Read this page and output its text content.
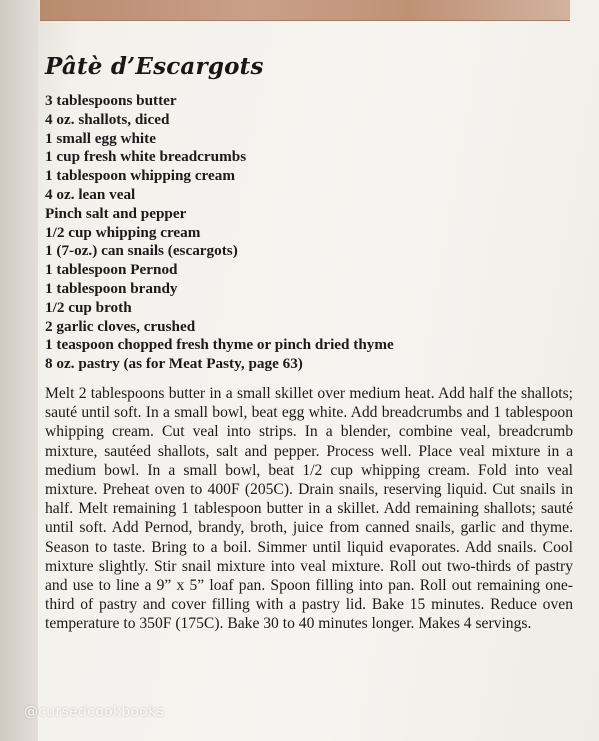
Pâtè d’Escargots
3 tablespoons butter
4 oz. shallots, diced
1 small egg white
1 cup fresh white breadcrumbs
1 tablespoon whipping cream
4 oz. lean veal
Pinch salt and pepper
1/2 cup whipping cream
1 (7-oz.) can snails (escargots)
1 tablespoon Pernod
1 tablespoon brandy
1/2 cup broth
2 garlic cloves, crushed
1 teaspoon chopped fresh thyme or pinch dried thyme
8 oz. pastry (as for Meat Pasty, page 63)

Melt 2 tablespoons butter in a small skillet over medium heat. Add half the shallots; sauté until soft. In a small bowl, beat egg white. Add breadcrumbs and 1 tablespoon whipping cream. Cut veal into strips. In a blender, combine veal, breadcrumb mixture, sautéed shallots, salt and pepper. Process well. Place veal mixture in a medium bowl. In a small bowl, beat 1/2 cup whipping cream. Fold into veal mixture. Preheat oven to 400F (205C). Drain snails, reserving liquid. Cut snails in half. Melt remaining 1 tablespoon butter in a skillet. Add remaining shallots; sauté until soft. Add Pernod, brandy, broth, juice from canned snails, garlic and thyme. Season to taste. Bring to a boil. Simmer until liquid evaporates. Add snails. Cool mixture slightly. Stir snail mixture into veal mixture. Roll out two-thirds of pastry and use to line a 9” x 5” loaf pan. Spoon filling into pan. Roll out remaining one-third of pastry and cover filling with a pastry lid. Bake 15 minutes. Reduce oven temperature to 350F (175C). Bake 30 to 40 minutes longer. Makes 4 servings.

@cursedcookbooks
